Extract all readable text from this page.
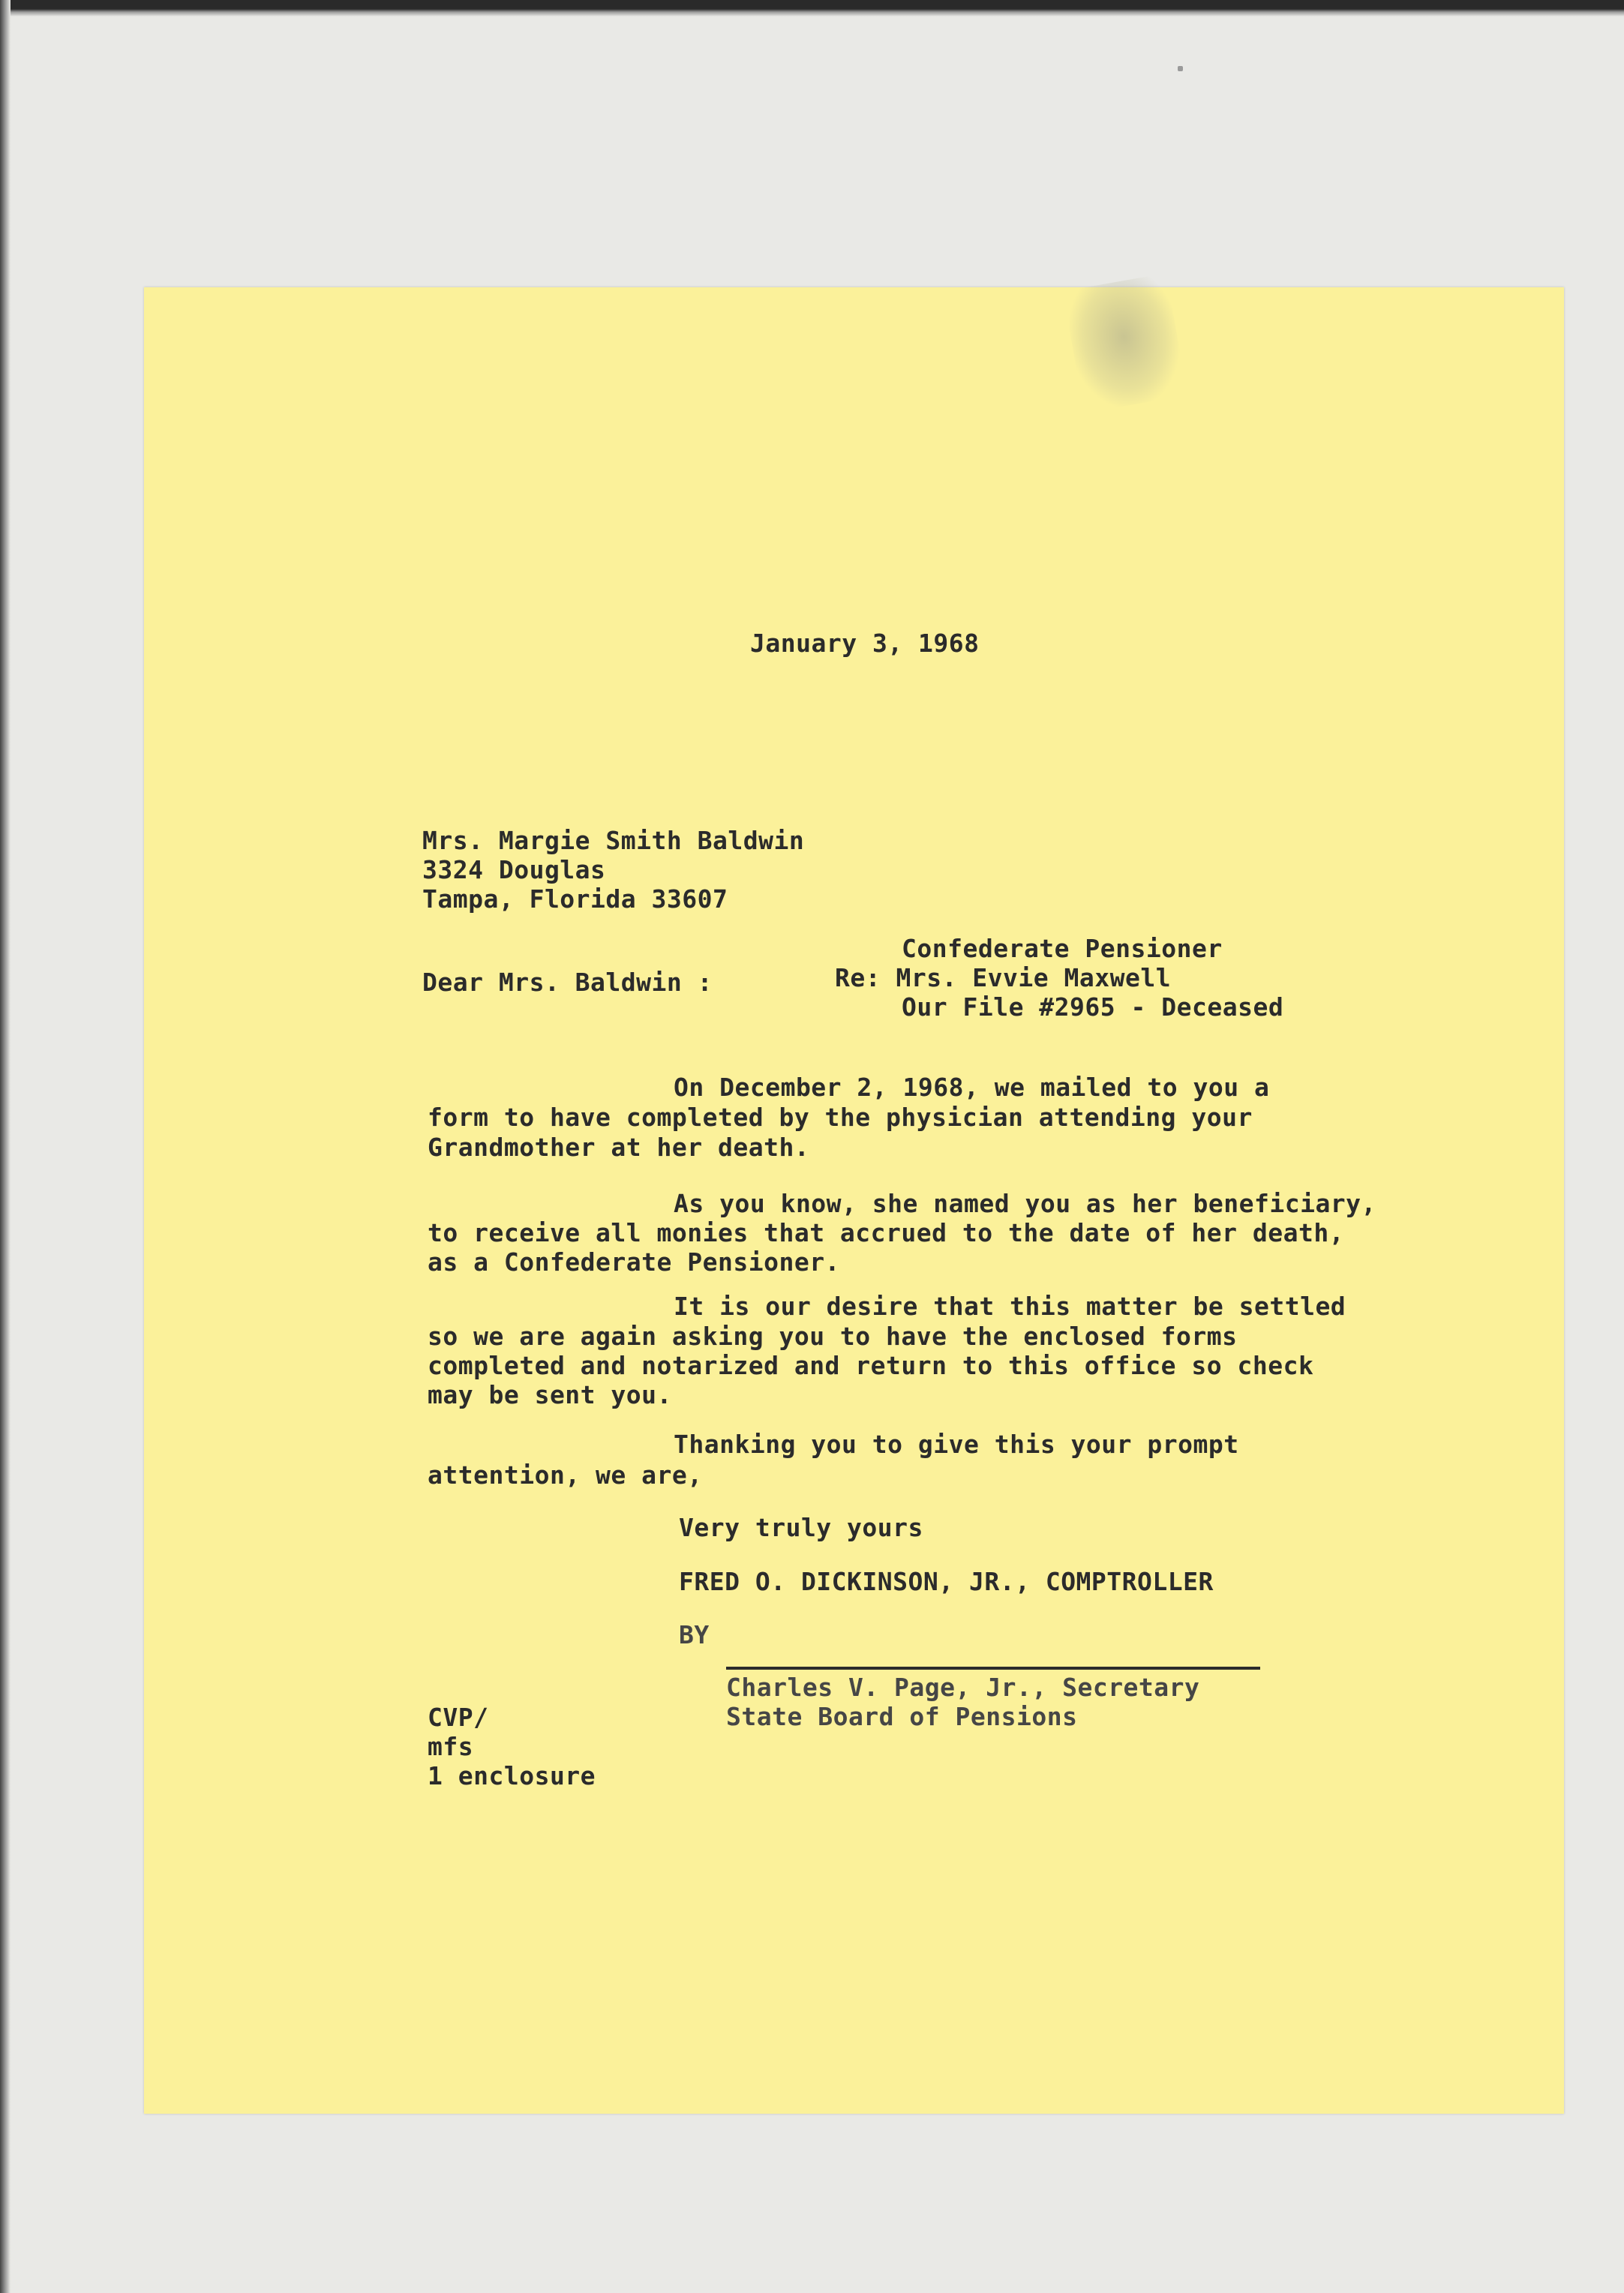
January 3, 1968
Mrs. Margie Smith Baldwin
3324 Douglas
Tampa, Florida 33607
Confederate Pensioner
Dear Mrs. Baldwin :	Re: Mrs. Evvie Maxwell
Our File #2965 - Deceased
On December 2, 1968, we mailed to you a
form to have completed by the physician attending your
Grandmother at her death.
As you know, she named you as her beneficiary,
to receive all monies that accrued to the date of her death,
as a Confederate Pensioner.
It is our desire that this matter be settled
so we are again asking you to have the enclosed forms
completed and notarized and return to this office so check
may be sent you.
Thanking you to give this your prompt
attention, we are,
Very truly yours
FRED O. DICKINSON, JR., COMPTROLLER
BY
Charles V. Page, Jr., Secretary
State Board of Pensions
CVP/
mfs
1 enclosure
